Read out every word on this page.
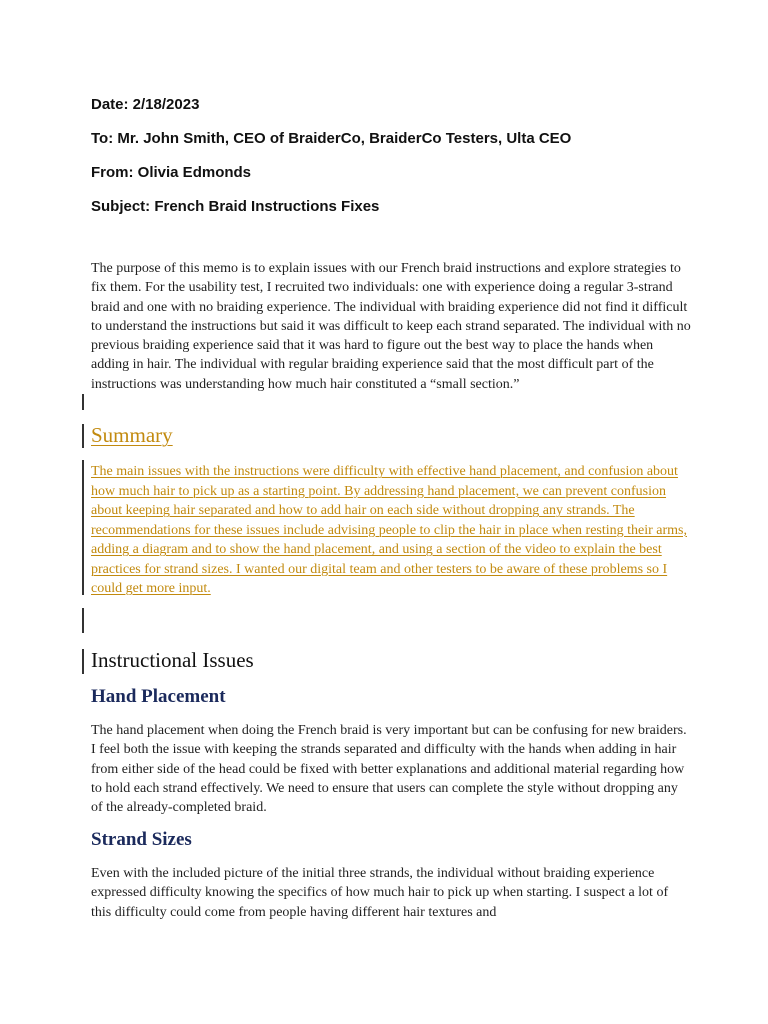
Date: 2/18/2023
To: Mr. John Smith, CEO of BraiderCo, BraiderCo Testers, Ulta CEO
From: Olivia Edmonds
Subject: French Braid Instructions Fixes
The purpose of this memo is to explain issues with our French braid instructions and explore strategies to fix them. For the usability test, I recruited two individuals: one with experience doing a regular 3-strand braid and one with no braiding experience. The individual with braiding experience did not find it difficult to understand the instructions but said it was difficult to keep each strand separated. The individual with no previous braiding experience said that it was hard to figure out the best way to place the hands when adding in hair. The individual with regular braiding experience said that the most difficult part of the instructions was understanding how much hair constituted a “small section.”
Summary
The main issues with the instructions were difficulty with effective hand placement, and confusion about how much hair to pick up as a starting point. By addressing hand placement, we can prevent confusion about keeping hair separated and how to add hair on each side without dropping any strands. The recommendations for these issues include advising people to clip the hair in place when resting their arms, adding a diagram and to show the hand placement, and using a section of the video to explain the best practices for strand sizes. I wanted our digital team and other testers to be aware of these problems so I could get more input.
Instructional Issues
Hand Placement
The hand placement when doing the French braid is very important but can be confusing for new braiders. I feel both the issue with keeping the strands separated and difficulty with the hands when adding in hair from either side of the head could be fixed with better explanations and additional material regarding how to hold each strand effectively. We need to ensure that users can complete the style without dropping any of the already-completed braid.
Strand Sizes
Even with the included picture of the initial three strands, the individual without braiding experience expressed difficulty knowing the specifics of how much hair to pick up when starting. I suspect a lot of this difficulty could come from people having different hair textures and
